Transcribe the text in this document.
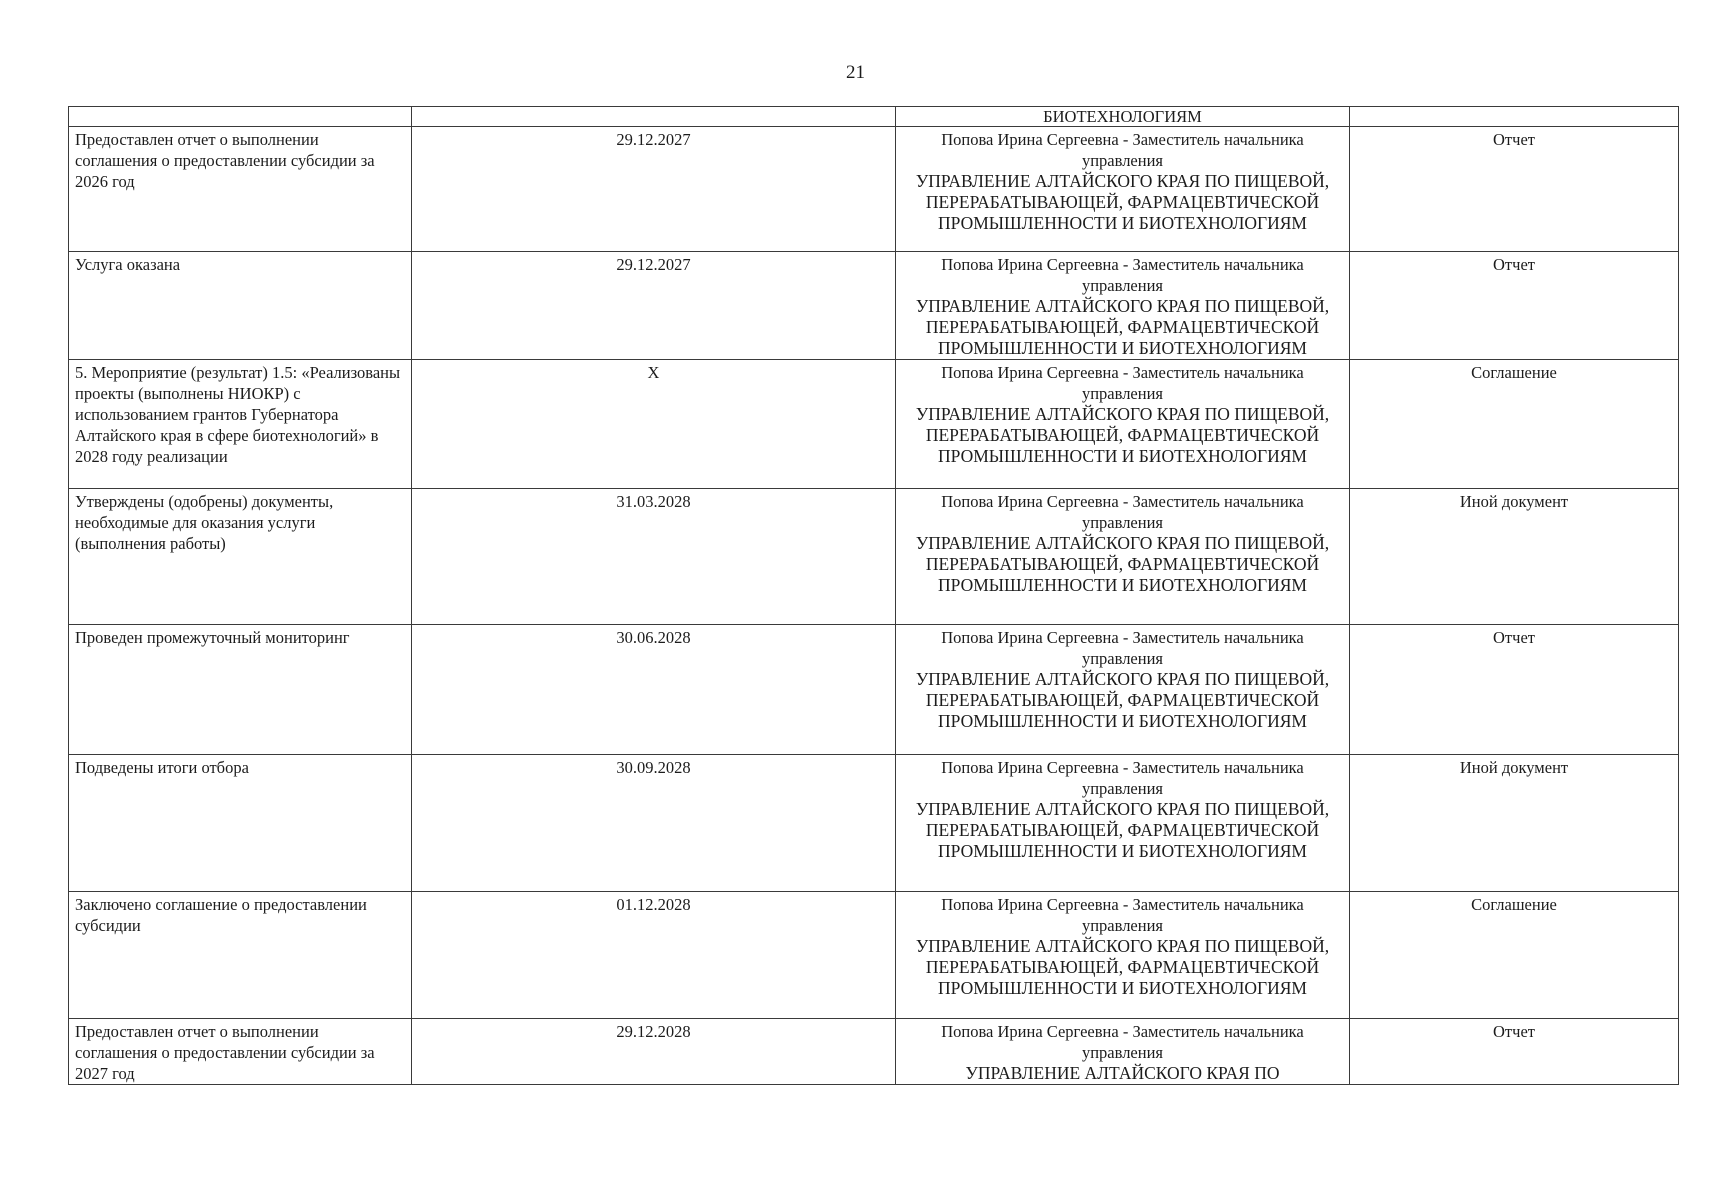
21

		БИОТЕХНОЛОГИЯМ	

Предоставлен отчет о выполнении соглашения о предоставлении субсидии за 2026 год	29.12.2027	Попова Ирина Сергеевна - Заместитель начальника управления
УПРАВЛЕНИЕ АЛТАЙСКОГО КРАЯ ПО ПИЩЕВОЙ, ПЕРЕРАБАТЫВАЮЩЕЙ, ФАРМАЦЕВТИЧЕСКОЙ ПРОМЫШЛЕННОСТИ И БИОТЕХНОЛОГИЯМ	Отчет
Услуга оказана	29.12.2027	Попова Ирина Сергеевна - Заместитель начальника управления
УПРАВЛЕНИЕ АЛТАЙСКОГО КРАЯ ПО ПИЩЕВОЙ, ПЕРЕРАБАТЫВАЮЩЕЙ, ФАРМАЦЕВТИЧЕСКОЙ ПРОМЫШЛЕННОСТИ И БИОТЕХНОЛОГИЯМ	Отчет
5. Мероприятие (результат) 1.5: «Реализованы проекты (выполнены НИОКР) с использованием грантов Губернатора Алтайского края в сфере биотехнологий» в 2028 году реализации	Х	Попова Ирина Сергеевна - Заместитель начальника управления
УПРАВЛЕНИЕ АЛТАЙСКОГО КРАЯ ПО ПИЩЕВОЙ, ПЕРЕРАБАТЫВАЮЩЕЙ, ФАРМАЦЕВТИЧЕСКОЙ ПРОМЫШЛЕННОСТИ И БИОТЕХНОЛОГИЯМ	Соглашение
Утверждены (одобрены) документы, необходимые для оказания услуги (выполнения работы)	31.03.2028	Попова Ирина Сергеевна - Заместитель начальника управления
УПРАВЛЕНИЕ АЛТАЙСКОГО КРАЯ ПО ПИЩЕВОЙ, ПЕРЕРАБАТЫВАЮЩЕЙ, ФАРМАЦЕВТИЧЕСКОЙ ПРОМЫШЛЕННОСТИ И БИОТЕХНОЛОГИЯМ	Иной документ
Проведен промежуточный мониторинг	30.06.2028	Попова Ирина Сергеевна - Заместитель начальника управления
УПРАВЛЕНИЕ АЛТАЙСКОГО КРАЯ ПО ПИЩЕВОЙ, ПЕРЕРАБАТЫВАЮЩЕЙ, ФАРМАЦЕВТИЧЕСКОЙ ПРОМЫШЛЕННОСТИ И БИОТЕХНОЛОГИЯМ	Отчет
Подведены итоги отбора	30.09.2028	Попова Ирина Сергеевна - Заместитель начальника управления
УПРАВЛЕНИЕ АЛТАЙСКОГО КРАЯ ПО ПИЩЕВОЙ, ПЕРЕРАБАТЫВАЮЩЕЙ, ФАРМАЦЕВТИЧЕСКОЙ ПРОМЫШЛЕННОСТИ И БИОТЕХНОЛОГИЯМ	Иной документ
Заключено соглашение о предоставлении субсидии	01.12.2028	Попова Ирина Сергеевна - Заместитель начальника управления
УПРАВЛЕНИЕ АЛТАЙСКОГО КРАЯ ПО ПИЩЕВОЙ, ПЕРЕРАБАТЫВАЮЩЕЙ, ФАРМАЦЕВТИЧЕСКОЙ ПРОМЫШЛЕННОСТИ И БИОТЕХНОЛОГИЯМ	Соглашение
Предоставлен отчет о выполнении соглашения о предоставлении субсидии за 2027 год	29.12.2028	Попова Ирина Сергеевна - Заместитель начальника управления
УПРАВЛЕНИЕ АЛТАЙСКОГО КРАЯ ПО	Отчет
